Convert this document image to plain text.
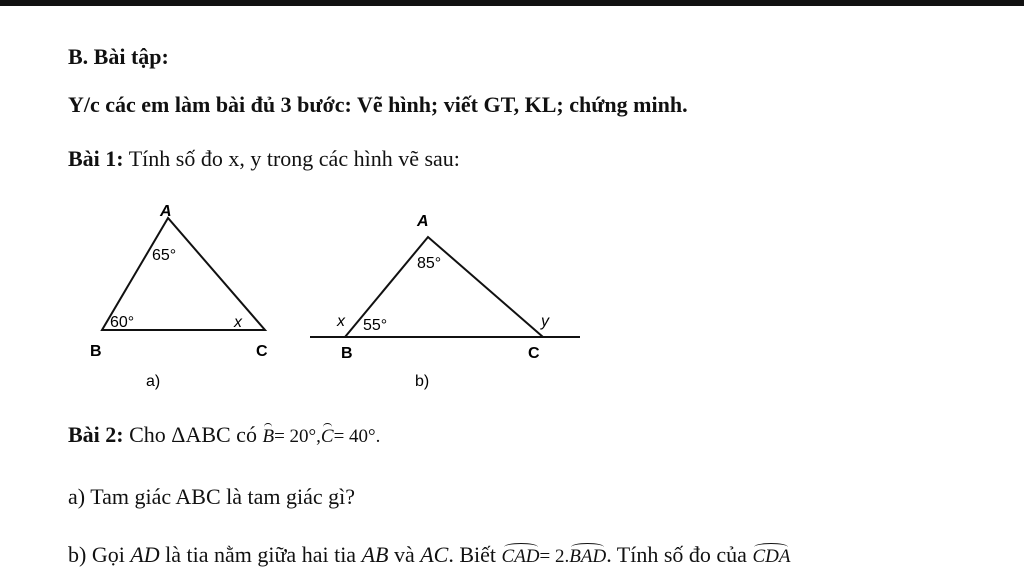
B. Bài tập:
Y/c các em làm bài đủ 3 bước: Vẽ hình; viết GT, KL; chứng minh.
Bài 1: Tính số đo x, y trong các hình vẽ sau:
A
B	C
65°
60°	x
a)
A
B	C
85°
55°
x	y
b)
Bài 2: Cho ΔABC có B= 20°,C= 40°.
a) Tam giác ABC là tam giác gì?
b) Gọi AD là tia nằm giữa hai tia AB và AC. Biết CAD= 2.BAD. Tính số đo của CDA
